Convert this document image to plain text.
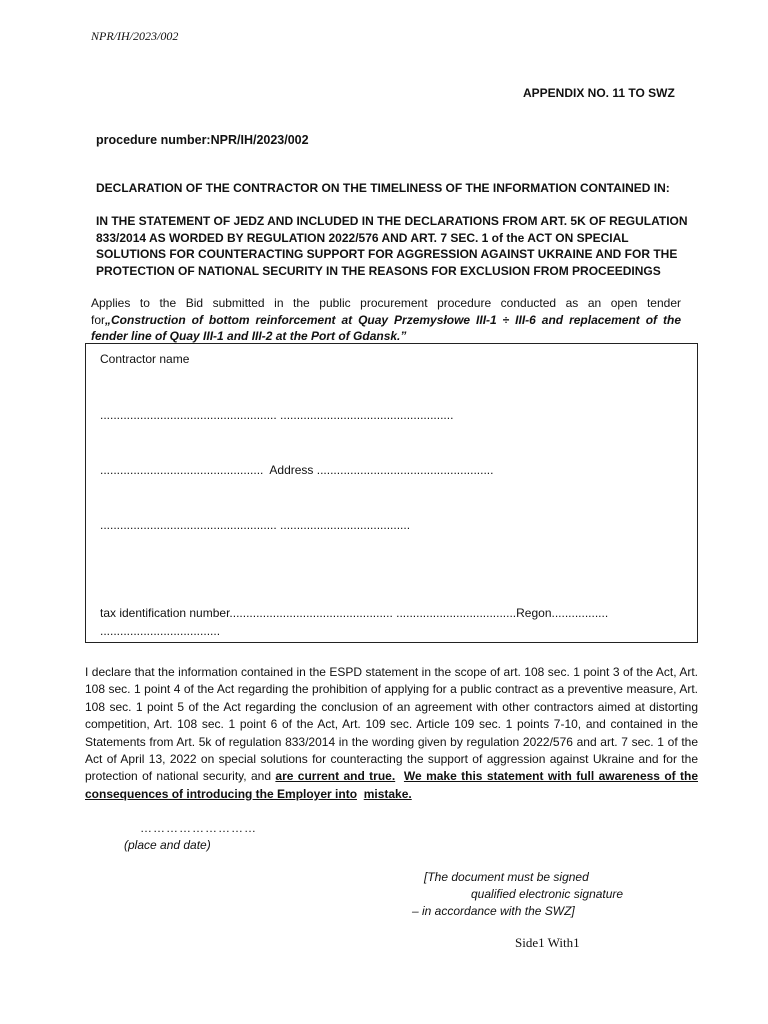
NPR/IH/2023/002
APPENDIX NO. 11 TO SWZ
procedure number:NPR/IH/2023/002
DECLARATION OF THE CONTRACTOR ON THE TIMELINESS OF THE INFORMATION CONTAINED IN:
IN THE STATEMENT OF JEDZ AND INCLUDED IN THE DECLARATIONS FROM ART. 5K OF REGULATION 833/2014 AS WORDED BY REGULATION 2022/576 AND ART. 7 SEC. 1 of the ACT ON SPECIAL SOLUTIONS FOR COUNTERACTING SUPPORT FOR AGGRESSION AGAINST UKRAINE AND FOR THE PROTECTION OF NATIONAL SECURITY IN THE REASONS FOR EXCLUSION FROM PROCEEDINGS
Applies to the Bid submitted in the public procurement procedure conducted as an open tender for„Construction of bottom reinforcement at Quay Przemysłowe III-1 ÷ III-6 and replacement of the fender line of Quay III-1 and III-2 at the Port of Gdansk.”
Contractor name
..................................................... ....................................................
................................................. Address .....................................................
..................................................... .......................................
tax identification number................................................. ....................................Regon.................
....................................
I declare that the information contained in the ESPD statement in the scope of art. 108 sec. 1 point 3 of the Act, Art. 108 sec. 1 point 4 of the Act regarding the prohibition of applying for a public contract as a preventive measure, Art. 108 sec. 1 point 5 of the Act regarding the conclusion of an agreement with other contractors aimed at distorting competition, Art. 108 sec. 1 point 6 of the Act, Art. 109 sec. Article 109 sec. 1 points 7-10, and contained in the Statements from Art. 5k of regulation 833/2014 in the wording given by regulation 2022/576 and art. 7 sec. 1 of the Act of April 13, 2022 on special solutions for counteracting the support of aggression against Ukraine and for the protection of national security, and are current and true. We make this statement with full awareness of the consequences of introducing the Employer into mistake.
………………………
(place and date)
[The document must be signed
qualified electronic signature
– in accordance with the SWZ]
Side1 With1
